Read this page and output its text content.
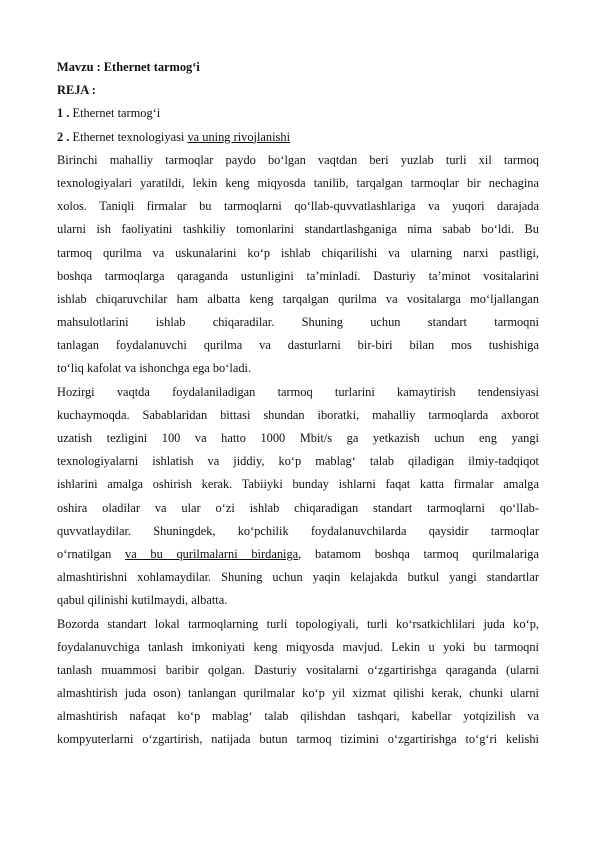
Mavzu : Ethernet tarmog‘i
REJA :
1 . Ethernet tarmog‘i
2 . Ethernet texnologiyasi va uning rivojlanishi
Birinchi mahalliy tarmoqlar paydo bo‘lgan vaqtdan beri yuzlab turli xil tarmoq
texnologiyalari yaratildi, lekin keng miqyosda tanilib, tarqalgan tarmoqlar bir nechagina
xolos. Taniqli firmalar bu tarmoqlarni qo‘llab-quvvatlashlariga va yuqori darajada
ularni ish faoliyatini tashkiliy tomonlarini standartlashganiga nima sabab bo‘ldi. Bu
tarmoq qurilma va uskunalarini ko‘p ishlab chiqarilishi va ularning narxi pastligi,
boshqa tarmoqlarga qaraganda ustunligini ta’minladi. Dasturiy ta’minot vositalarini
ishlab chiqaruvchilar ham albatta keng tarqalgan qurilma va vositalarga mo‘ljallangan
mahsulotlarini ishlab chiqaradilar. Shuning uchun standart tarmoqni
tanlagan foydalanuvchi qurilma va dasturlarni bir-biri bilan mos tushishiga
to‘liq kafolat va ishonchga ega bo‘ladi.
Hozirgi vaqtda foydalaniladigan tarmoq turlarini kamaytirish tendensiyasi
kuchaymoqda. Sabablaridan bittasi shundan iboratki, mahalliy tarmoqlarda axborot
uzatish tezligini 100 va hatto 1000 Mbit/s ga yetkazish uchun eng yangi
texnologiyalarni ishlatish va jiddiy, ko‘p mablag‘ talab qiladigan ilmiy-tadqiqot
ishlarini amalga oshirish kerak. Tabiiyki bunday ishlarni faqat katta firmalar amalga
oshira oladilar va ular o‘zi ishlab chiqaradigan standart tarmoqlarni qo‘llab-
quvvatlaydilar. Shuningdek, ko‘pchilik foydalanuvchilarda qaysidir tarmoqlar
o‘rnatilgan va bu qurilmalarni birdaniga, batamom boshqa tarmoq qurilmalariga
almashtirishni xohlamaydilar. Shuning uchun yaqin kelajakda butkul yangi standartlar
qabul qilinishi kutilmaydi, albatta.
Bozorda standart lokal tarmoqlarning turli topologiyali, turli ko‘rsatkichlilari juda ko‘p,
foydalanuvchiga tanlash imkoniyati keng miqyosda mavjud. Lekin u yoki bu tarmoqni
tanlash muammosi baribir qolgan. Dasturiy vositalarni o‘zgartirishga qaraganda (ularni
almashtirish juda oson) tanlangan qurilmalar ko‘p yil xizmat qilishi kerak, chunki ularni
almashtirish nafaqat ko‘p mablag‘ talab qilishdan tashqari, kabellar yotqizilish va
kompyuterlarni o‘zgartirish, natijada butun tarmoq tizimini o‘zgartirishga to‘g‘ri kelishi
